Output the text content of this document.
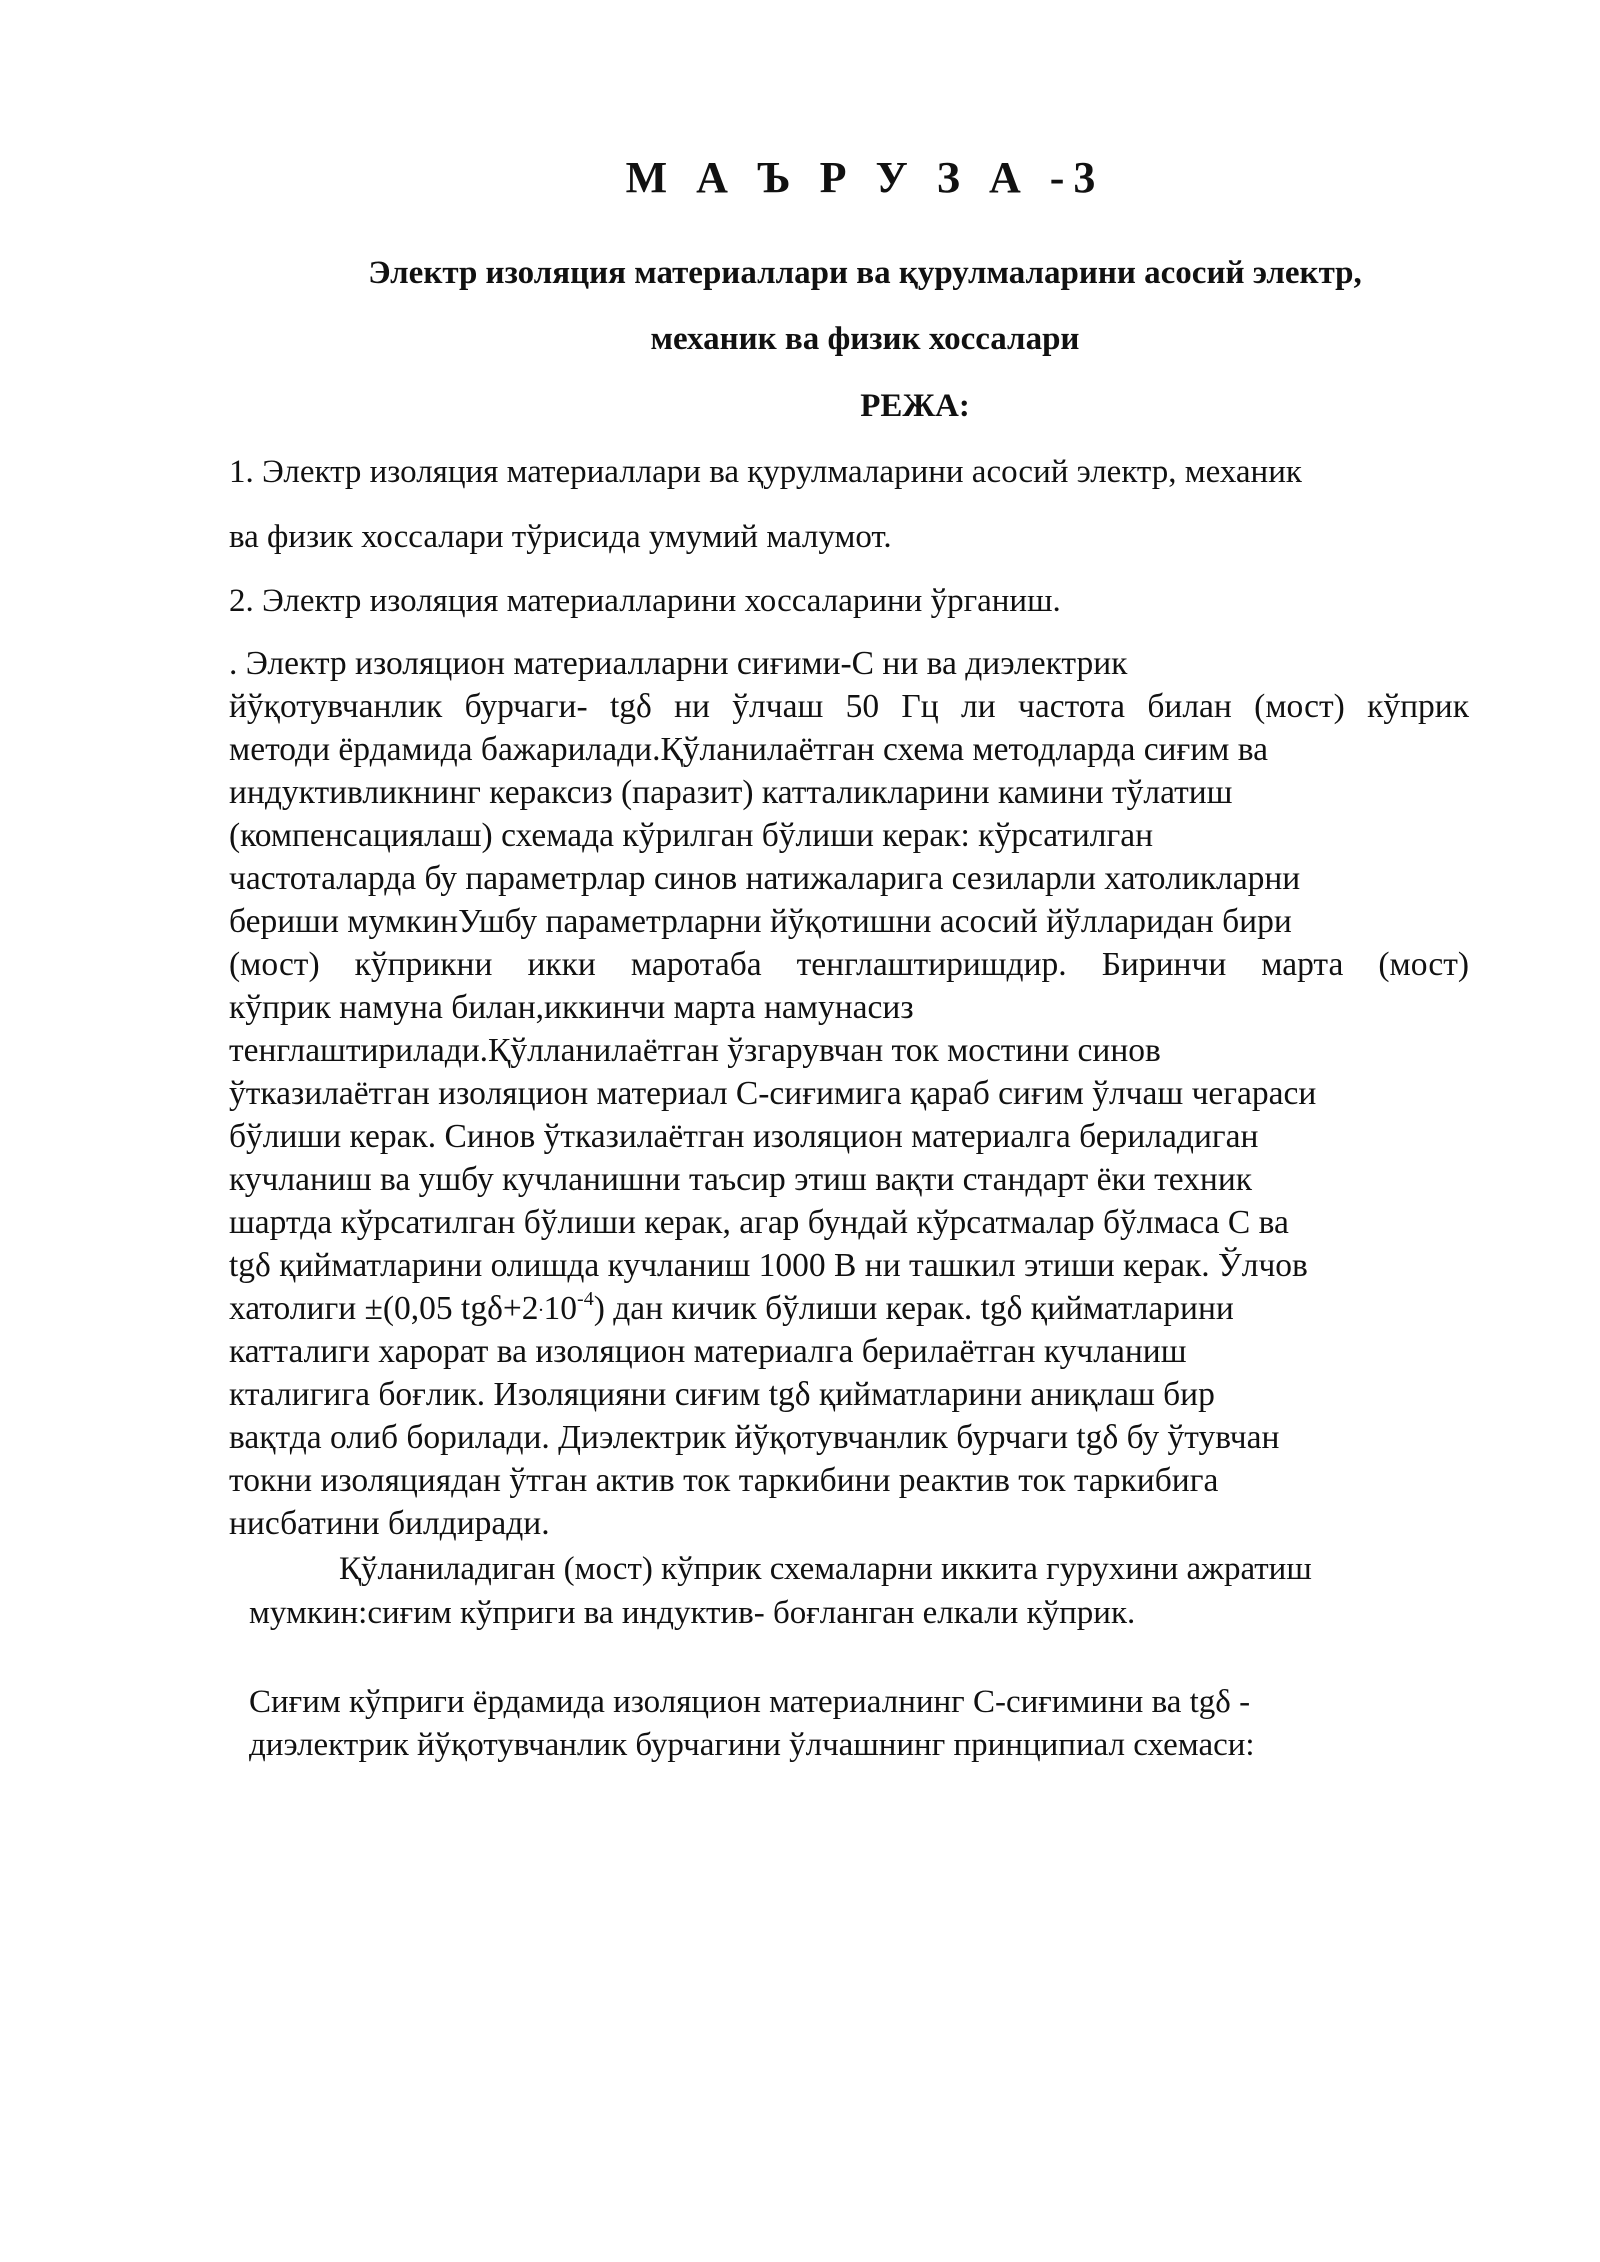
М А Ъ Р У З А -3
Электр изоляция материаллари ва қурулмаларини асосий электр,
механик ва физик хоссалари
РЕЖА:
1. Электр изоляция материаллари ва қурулмаларини асосий электр, механик
ва физик хоссалари тўрисида умумий малумот.
2. Электр изоляция материалларини хоссаларини ўрганиш.
. Электр изоляцион материалларни сиғими-С ни ва диэлектрик
йўқотувчанлик бурчаги- tgδ ни ўлчаш 50 Гц ли частота билан (мост) кўприк
методи ёрдамида бажарилади.Қўланилаётган схема методларда сиғим ва
индуктивликнинг кераксиз (паразит) катталикларини камини тўлатиш
(компенсациялаш) схемада кўрилган бўлиши керак: кўрсатилган
частоталарда бу параметрлар синов натижаларига сезиларли хатоликларни
бериши мумкинУшбу параметрларни йўқотишни асосий йўлларидан бири
(мост) кўприкни икки маротаба тенглаштиришдир. Биринчи марта (мост)
кўприк намуна билан,иккинчи марта намунасиз
тенглаштирилади.Қўлланилаётган ўзгарувчан ток мостини синов
ўтказилаётган изоляцион материал С-сиғимига қараб сиғим ўлчаш чегараси
бўлиши керак. Синов ўтказилаётган изоляцион материалга бериладиган
кучланиш ва ушбу кучланишни таъсир этиш вақти стандарт ёки техник
шартда кўрсатилган бўлиши керак, агар бундай кўрсатмалар бўлмаса С ва
tgδ қийматларини олишда кучланиш 1000 В ни ташкил этиши керак. Ўлчов
хатолиги ±(0,05 $tg\delta+2^.10^{-4}$) дан кичик бўлиши керак. tgδ қийматларини
катталиги харорат ва изоляцион материалга берилаётган кучланиш
кталигига боғлик. Изоляцияни сиғим tgδ қийматларини аниқлаш бир
вақтда олиб борилади. Диэлектрик йўқотувчанлик бурчаги tgδ бу ўтувчан
токни изоляциядан ўтган актив ток таркибини реактив ток таркибига
нисбатини билдиради.
Қўланиладиган (мост) кўприк схемаларни иккита гурухини ажратиш
мумкин:сиғим кўприги ва индуктив- боғланган елкали кўприк.
Сиғим кўприги ёрдамида изоляцион материалнинг С-сиғимини ва tgδ -
диэлектрик йўқотувчанлик бурчагини ўлчашнинг принципиал схемаси:
